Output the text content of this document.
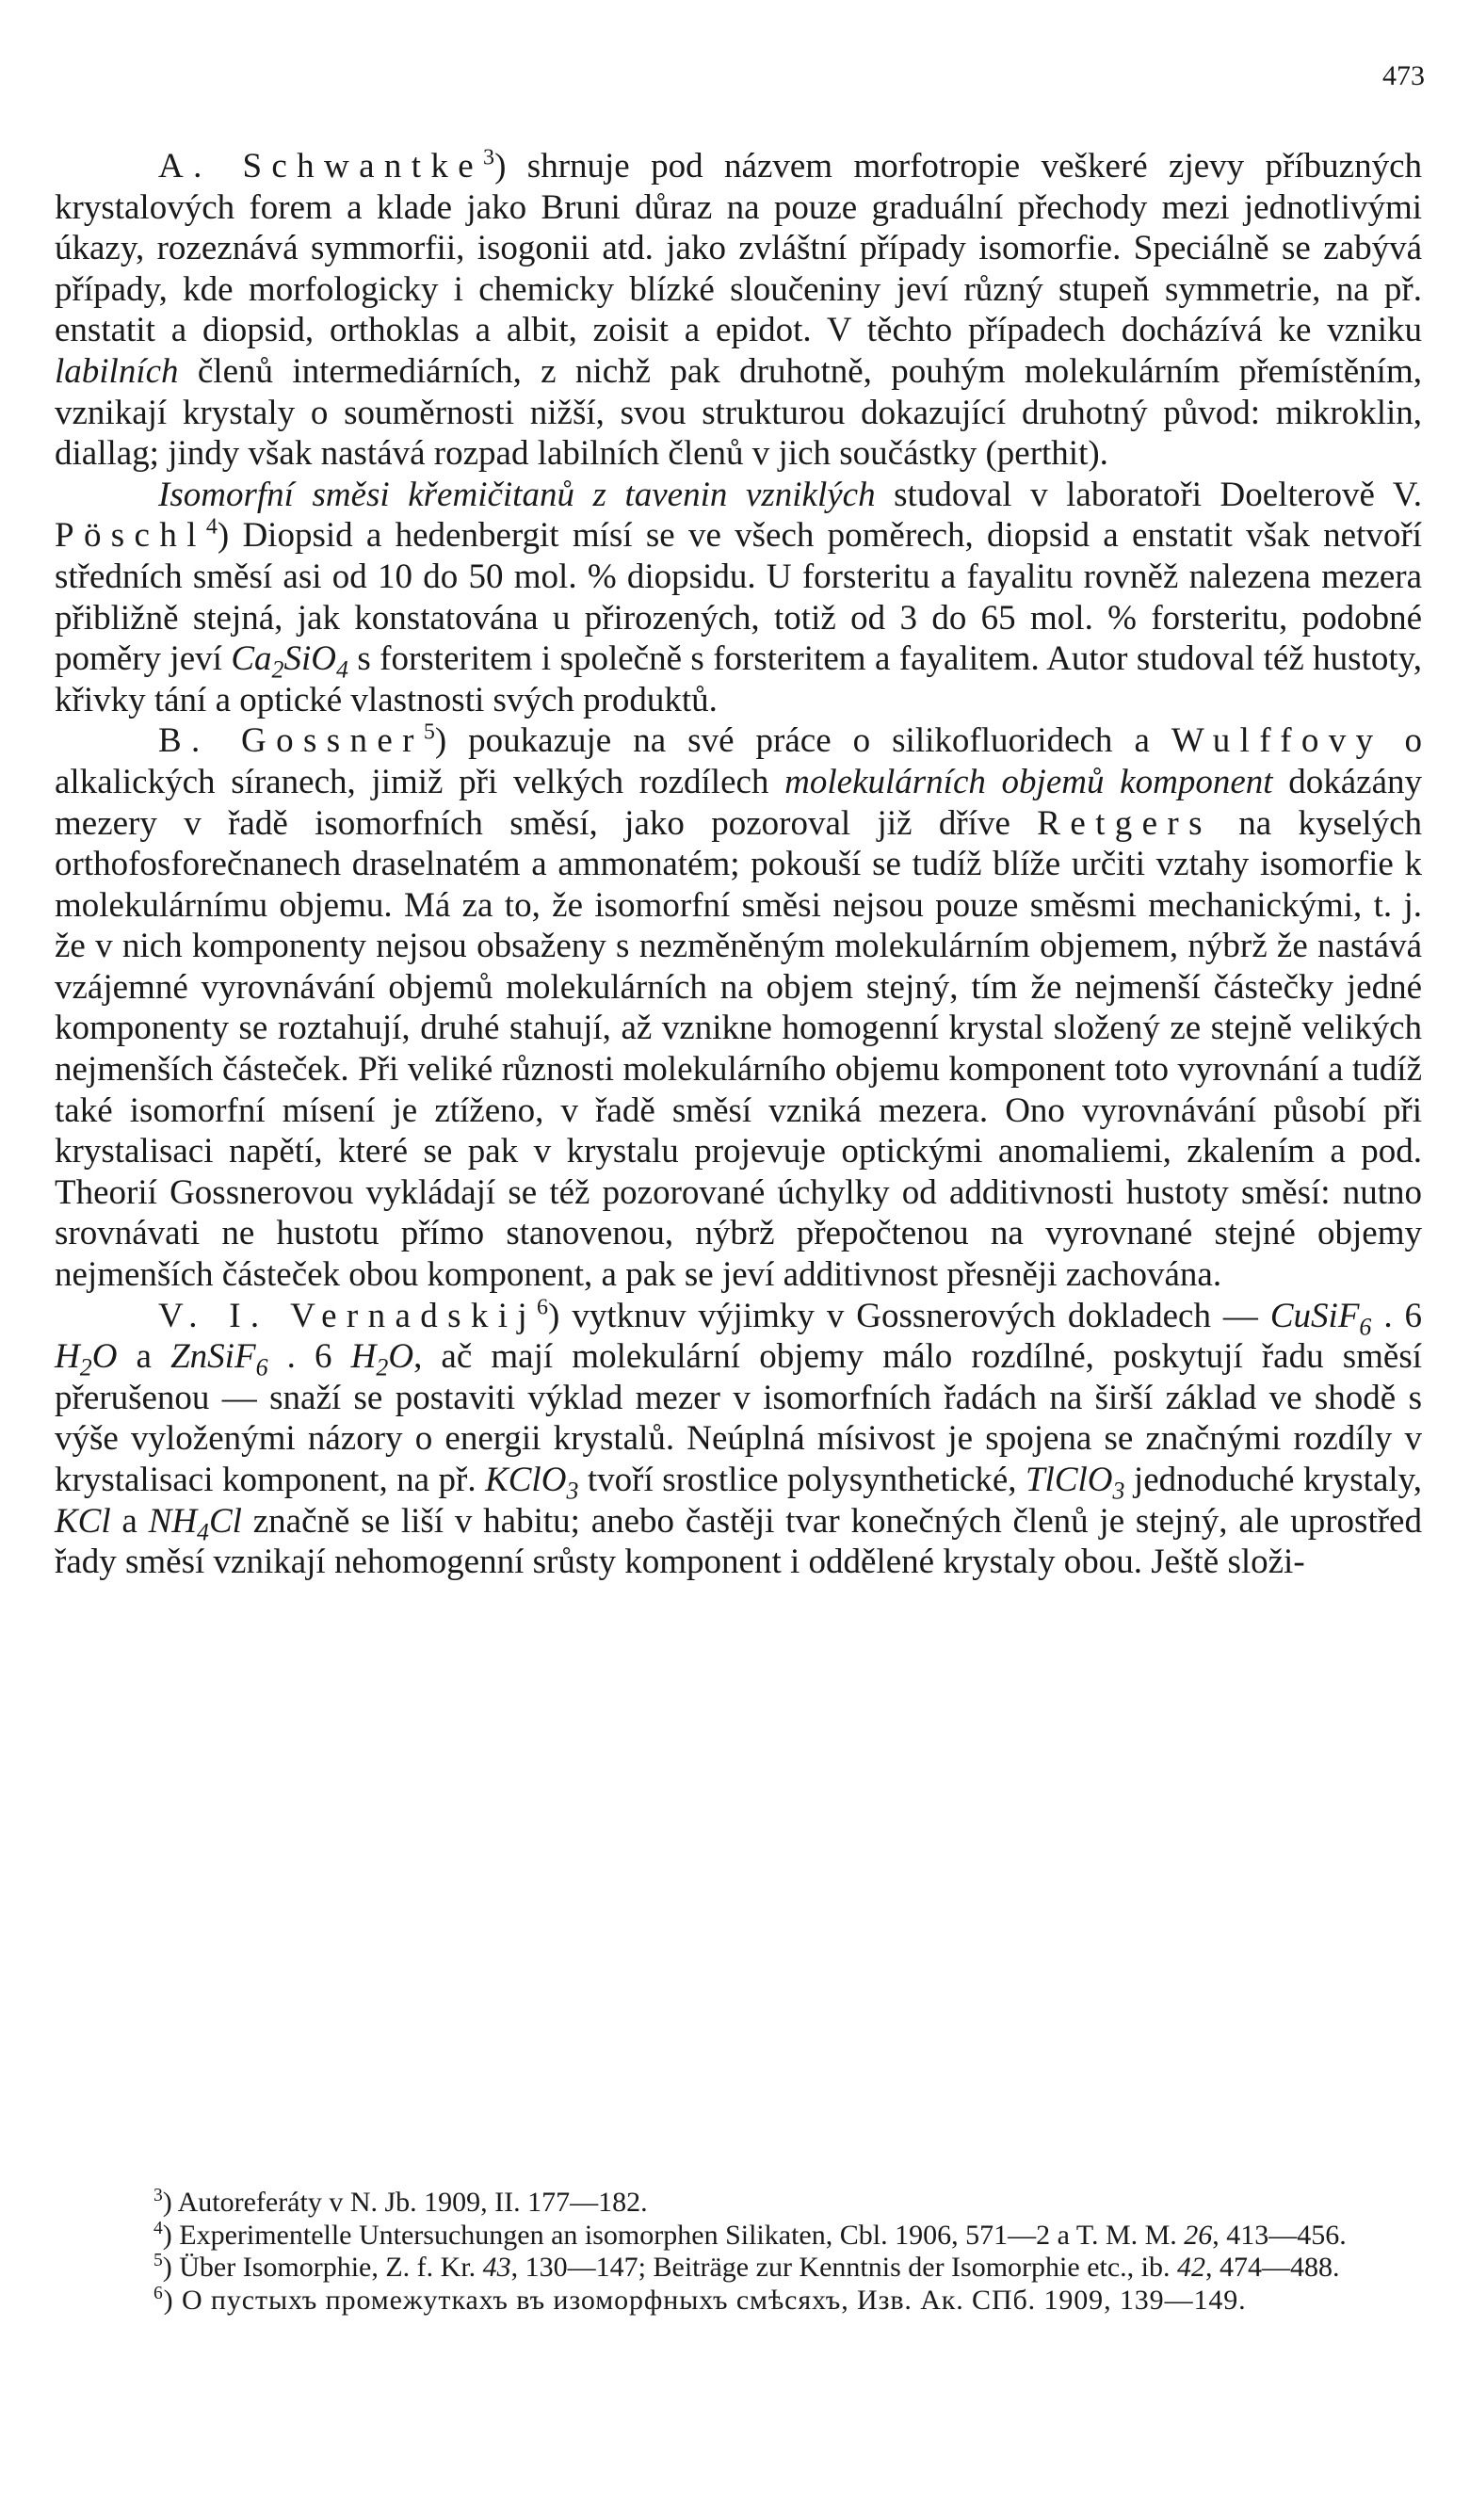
473

A. Schwantke$^3$) shrnuje pod názvem morfotropie veškeré zjevy příbuzných krystalových forem a klade jako Bruni důraz na pouze graduální přechody mezi jednotlivými úkazy, rozeznává symmorfii, isogonii atd. jako zvláštní případy isomorfie. Speciálně se zabývá případy, kde morfologicky i chemicky blízké sloučeniny jeví různý stupeň symmetrie, na př. enstatit a diopsid, orthoklas a albit, zoisit a epidot. V těchto případech docházívá ke vzniku labilních členů intermediárních, z nichž pak druhotně, pouhým molekulárním přemístěním, vznikají krystaly o souměrnosti nižší, svou strukturou dokazující druhotný původ: mikroklin, diallag; jindy však nastává rozpad labilních členů v jich součástky (perthit).

Isomorfní směsi křemičitanů z tavenin vzniklých studoval v laboratoři Doelterově V. Pöschl$^4$) Diopsid a hedenbergit mísí se ve všech poměrech, diopsid a enstatit však netvoří středních směsí asi od 10 do 50 mol. % diopsidu. U forsteritu a fayalitu rovněž nalezena mezera přibližně stejná, jak konstatována u přirozených, totiž od 3 do 65 mol. % forsteritu, podobné poměry jeví $Ca_2SiO_4$ s forsteritem i společně s forsteritem a fayalitem. Autor studoval též hustoty, křivky tání a optické vlastnosti svých produktů.

B. Gossner$^5$) poukazuje na své práce o silikofluoridech a Wulffovy o alkalických síranech, jimiž při velkých rozdílech molekulárních objemů komponent dokázány mezery v řadě isomorfních směsí, jako pozoroval již dříve Retgers na kyselých orthofosforečnanech draselnatém a ammonatém; pokouší se tudíž blíže určiti vztahy isomorfie k molekulárnímu objemu. Má za to, že isomorfní směsi nejsou pouze směsmi mechanickými, t. j. že v nich komponenty nejsou obsaženy s nezměněným molekulárním objemem, nýbrž že nastává vzájemné vyrovnávání objemů molekulárních na objem stejný, tím že nejmenší částečky jedné komponenty se roztahují, druhé stahují, až vznikne homogenní krystal složený ze stejně velikých nejmenších částeček. Při veliké různosti molekulárního objemu komponent toto vyrovnání a tudíž také isomorfní mísení je ztíženo, v řadě směsí vzniká mezera. Ono vyrovnávání působí při krystalisaci napětí, které se pak v krystalu projevuje optickými anomaliemi, zkalením a pod. Theorií Gossnerovou vykládají se též pozorované úchylky od additivnosti hustoty směsí: nutno srovnávati ne hustotu přímo stanovenou, nýbrž přepočtenou na vyrovnané stejné objemy nejmenších částeček obou komponent, a pak se jeví additivnost přesněji zachována.

V. I. Vernadskij$^6$) vytknuv výjimky v Gossnerových dokladech — CuSiF$_6$ . 6 $H_2O$ a ZnSiF$_6$ . 6 $H_2O$, ač mají molekulární objemy málo rozdílné, poskytují řadu směsí přerušenou — snaží se postaviti výklad mezer v isomorfních řadách na širší základ ve shodě s výše vyloženými názory o energii krystalů. Neúplná mísivost je spojena se značnými rozdíly v krystalisaci komponent, na př. KClO$_3$ tvoří srostlice polysynthetické, TlClO$_3$ jednoduché krystaly, KCl a $NH_4Cl$ značně se liší v habitu; anebo častěji tvar konečných členů je stejný, ale uprostřed řady směsí vznikají nehomogenní srůsty komponent i oddělené krystaly obou. Ještě složi-

$^3$) Autoreferáty v N. Jb. 1909, II. 177—182.

$^4$) Experimentelle Untersuchungen an isomorphen Silikaten, Cbl. 1906, 571—2 a T. M. M. 26, 413—456.

$^5$) Über Isomorphie, Z. f. Kr. 43, 130—147; Beiträge zur Kenntnis der Isomorphie etc., ib. 42, 474—488.

$^6$) О пустыхъ промежуткахъ въ изоморфныхъ смѣсяхъ, Изв. Ак. СПб. 1909, 139—149.
